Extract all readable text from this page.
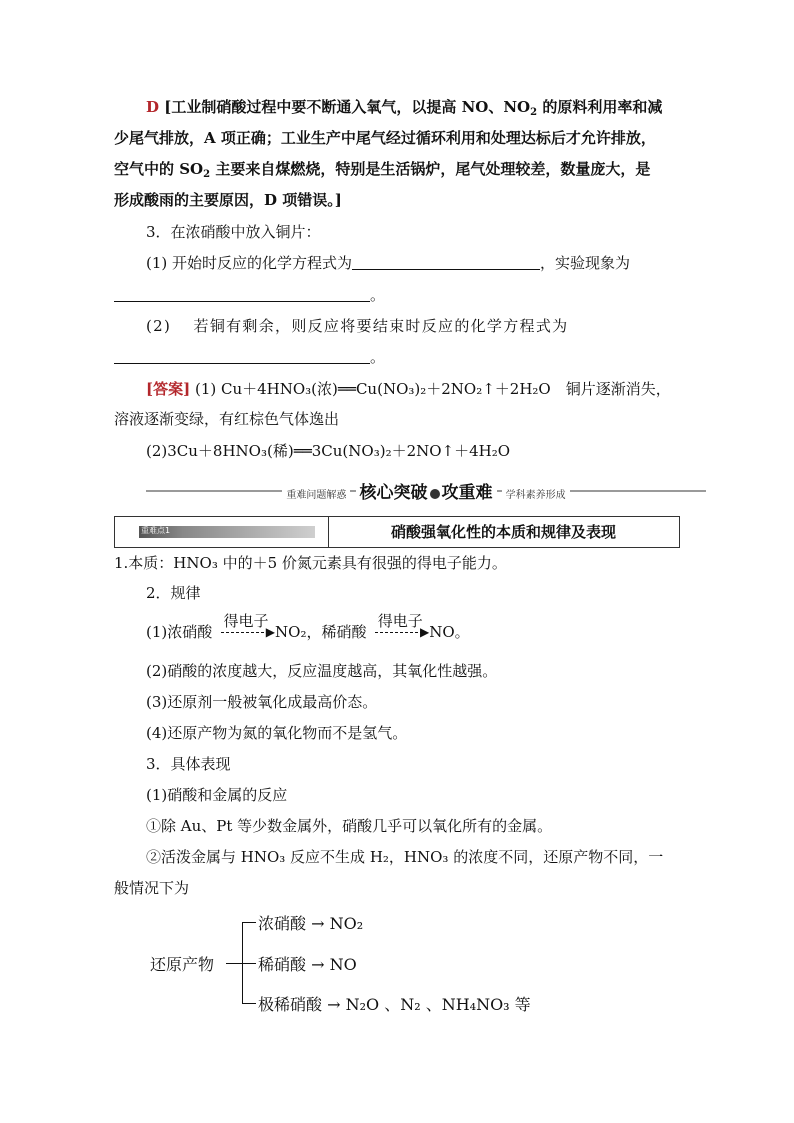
D [工业制硝酸过程中要不断通入氧气，以提高 NO、$NO_2$ 的原料利用率和减
少尾气排放，A 项正确；工业生产中尾气经过循环利用和处理达标后才允许排放，
空气中的 $SO_2$ 主要来自煤燃烧，特别是生活锅炉，尾气处理较差，数量庞大，是
形成酸雨的主要原因，D 项错误。]
3．在浓硝酸中放入铜片：
(1) 开始时反应的化学方程式为	，实验现象为
。
(2)　 若铜有剩余，则反应将要结束时反应的化学方程式为
。
[答案] (1) Cu＋4HNO₃(浓)══Cu(NO₃)₂＋2NO₂↑＋2H₂O　铜片逐渐消失，
溶液逐渐变绿，有红棕色气体逸出
(2)3Cu＋8HNO₃(稀)══3Cu(NO₃)₂＋2NO↑＋4H₂O
重难问题解惑 核心突破 攻重难 学科素养形成
重难点1	硝酸强氧化性的本质和规律及表现
1.本质：HNO₃ 中的＋5 价氮元素具有很强的得电子能力。
2．规律
(1)浓硝酸
得电子
▶ NO₂，稀硝酸
得电子
▶ NO。
(2)硝酸的浓度越大，反应温度越高，其氧化性越强。
(3)还原剂一般被氧化成最高价态。
(4)还原产物为氮的氧化物而不是氢气。
3．具体表现
(1)硝酸和金属的反应
①除 Au、Pt 等少数金属外，硝酸几乎可以氧化所有的金属。
②活泼金属与 HNO₃ 反应不生成 H₂，HNO₃ 的浓度不同，还原产物不同，一
般情况下为
还原产物
浓硝酸 → NO₂
稀硝酸 → NO
极稀硝酸 → N₂O 、N₂ 、NH₄NO₃ 等
